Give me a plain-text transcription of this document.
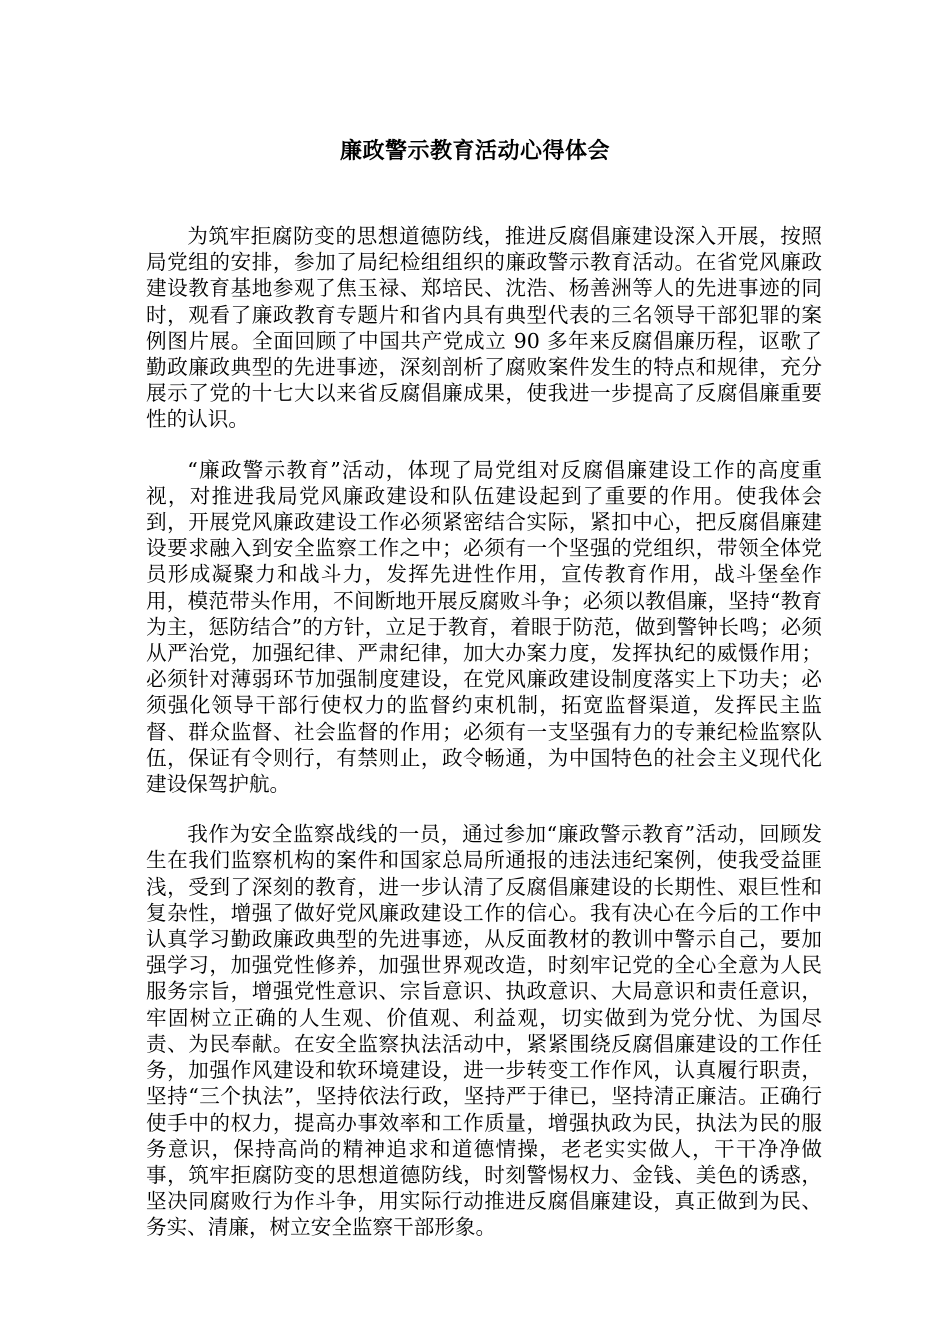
廉政警示教育活动心得体会

为筑牢拒腐防变的思想道德防线，推进反腐倡廉建设深入开展，按照局党组的安排，参加了局纪检组组织的廉政警示教育活动。在省党风廉政建设教育基地参观了焦玉禄、郑培民、沈浩、杨善洲等人的先进事迹的同时，观看了廉政教育专题片和省内具有典型代表的三名领导干部犯罪的案例图片展。全面回顾了中国共产党成立 90 多年来反腐倡廉历程，讴歌了勤政廉政典型的先进事迹，深刻剖析了腐败案件发生的特点和规律，充分展示了党的十七大以来省反腐倡廉成果，使我进一步提高了反腐倡廉重要性的认识。

“廉政警示教育”活动，体现了局党组对反腐倡廉建设工作的高度重视，对推进我局党风廉政建设和队伍建设起到了重要的作用。使我体会到，开展党风廉政建设工作必须紧密结合实际，紧扣中心，把反腐倡廉建设要求融入到安全监察工作之中；必须有一个坚强的党组织，带领全体党员形成凝聚力和战斗力，发挥先进性作用，宣传教育作用，战斗堡垒作用，模范带头作用，不间断地开展反腐败斗争；必须以教倡廉，坚持“教育为主，惩防结合”的方针，立足于教育，着眼于防范，做到警钟长鸣；必须从严治党，加强纪律、严肃纪律，加大办案力度，发挥执纪的威慑作用；必须针对薄弱环节加强制度建设，在党风廉政建设制度落实上下功夫；必须强化领导干部行使权力的监督约束机制，拓宽监督渠道，发挥民主监督、群众监督、社会监督的作用；必须有一支坚强有力的专兼纪检监察队伍，保证有令则行，有禁则止，政令畅通，为中国特色的社会主义现代化建设保驾护航。

我作为安全监察战线的一员，通过参加“廉政警示教育”活动，回顾发生在我们监察机构的案件和国家总局所通报的违法违纪案例，使我受益匪浅，受到了深刻的教育，进一步认清了反腐倡廉建设的长期性、艰巨性和复杂性，增强了做好党风廉政建设工作的信心。我有决心在今后的工作中认真学习勤政廉政典型的先进事迹，从反面教材的教训中警示自己，要加强学习，加强党性修养，加强世界观改造，时刻牢记党的全心全意为人民服务宗旨，增强党性意识、宗旨意识、执政意识、大局意识和责任意识，牢固树立正确的人生观、价值观、利益观，切实做到为党分忧、为国尽责、为民奉献。在安全监察执法活动中，紧紧围绕反腐倡廉建设的工作任务，加强作风建设和软环境建设，进一步转变工作作风，认真履行职责，坚持“三个执法”，坚持依法行政，坚持严于律已，坚持清正廉洁。正确行使手中的权力，提高办事效率和工作质量，增强执政为民，执法为民的服务意识，保持高尚的精神追求和道德情操，老老实实做人，干干净净做事，筑牢拒腐防变的思想道德防线，时刻警惕权力、金钱、美色的诱惑，坚决同腐败行为作斗争，用实际行动推进反腐倡廉建设，真正做到为民、务实、清廉，树立安全监察干部形象。
